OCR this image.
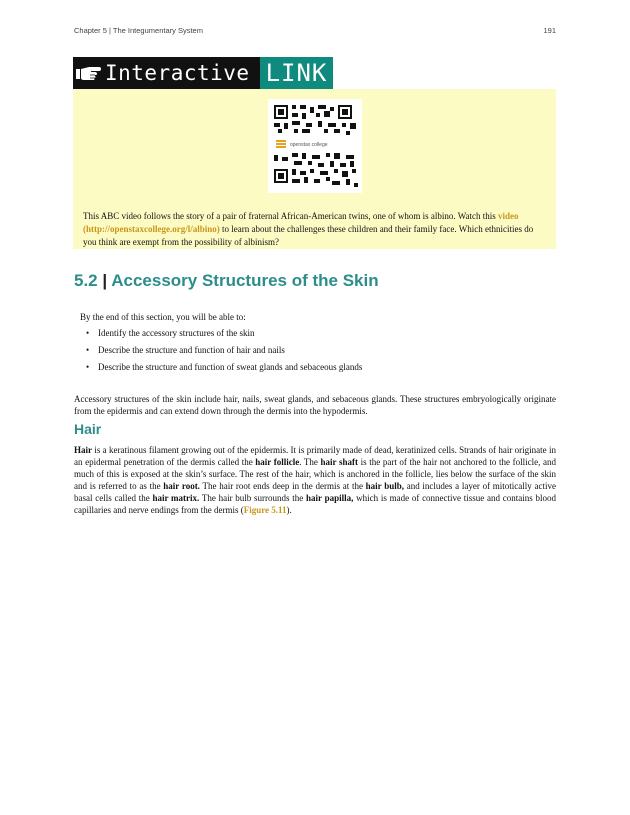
Chapter 5 | The Integumentary System	191
Interactive LINK
openstax college

This ABC video follows the story of a pair of fraternal African-American twins, one of whom is albino. Watch this video (http://openstaxcollege.org/l/albino) to learn about the challenges these children and their family face. Which ethnicities do you think are exempt from the possibility of albinism?

5.2 | Accessory Structures of the Skin

By the end of this section, you will be able to:

• Identify the accessory structures of the skin
• Describe the structure and function of hair and nails
• Describe the structure and function of sweat glands and sebaceous glands

Accessory structures of the skin include hair, nails, sweat glands, and sebaceous glands. These structures embryologically originate from the epidermis and can extend down through the dermis into the hypodermis.

Hair

Hair is a keratinous filament growing out of the epidermis. It is primarily made of dead, keratinized cells. Strands of hair originate in an epidermal penetration of the dermis called the hair follicle. The hair shaft is the part of the hair not anchored to the follicle, and much of this is exposed at the skin’s surface. The rest of the hair, which is anchored in the follicle, lies below the surface of the skin and is referred to as the hair root. The hair root ends deep in the dermis at the hair bulb, and includes a layer of mitotically active basal cells called the hair matrix. The hair bulb surrounds the hair papilla, which is made of connective tissue and contains blood capillaries and nerve endings from the dermis (Figure 5.11).
